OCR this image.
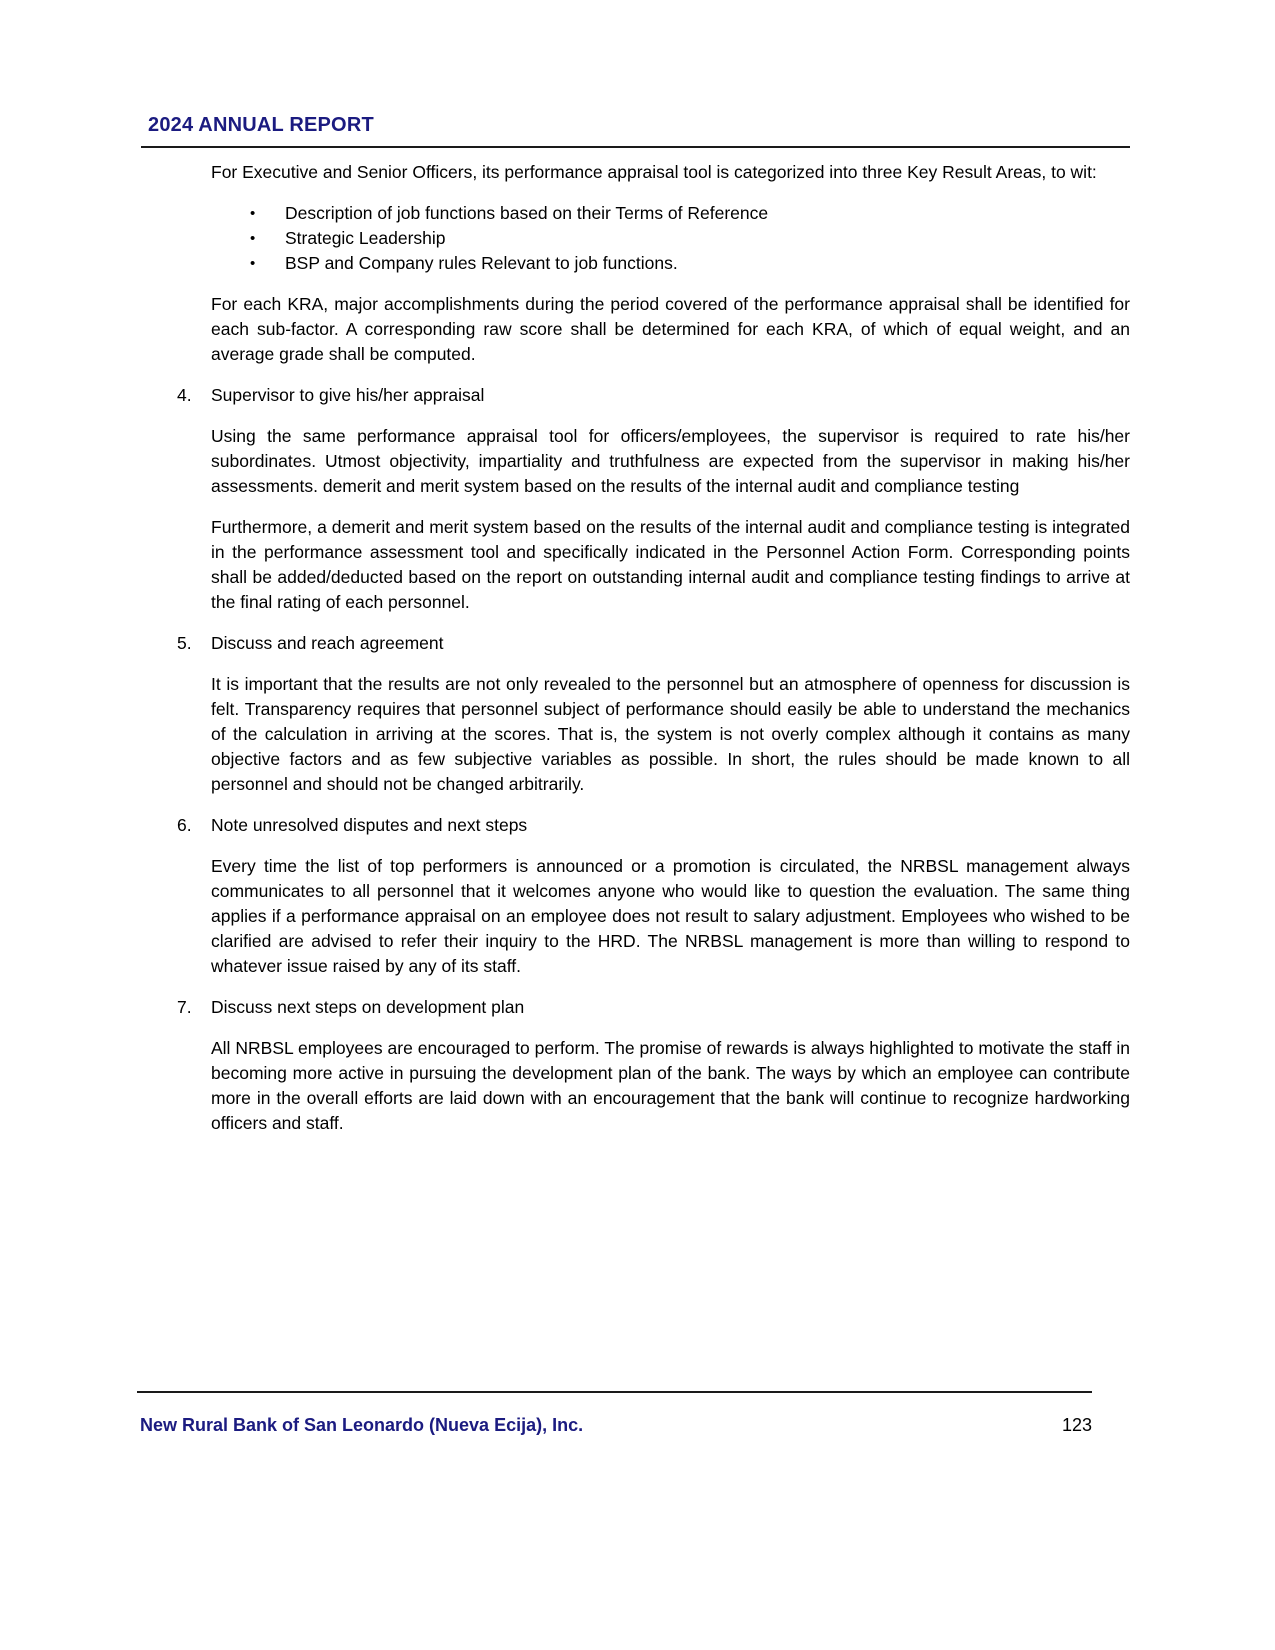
2024 ANNUAL REPORT

For Executive and Senior Officers, its performance appraisal tool is categorized into three Key Result Areas, to wit:

• Description of job functions based on their Terms of Reference
• Strategic Leadership
• BSP and Company rules Relevant to job functions.

For each KRA, major accomplishments during the period covered of the performance appraisal shall be identified for each sub-factor. A corresponding raw score shall be determined for each KRA, of which of equal weight, and an average grade shall be computed.

4. Supervisor to give his/her appraisal

Using the same performance appraisal tool for officers/employees, the supervisor is required to rate his/her subordinates. Utmost objectivity, impartiality and truthfulness are expected from the supervisor in making his/her assessments. demerit and merit system based on the results of the internal audit and compliance testing

Furthermore, a demerit and merit system based on the results of the internal audit and compliance testing is integrated in the performance assessment tool and specifically indicated in the Personnel Action Form. Corresponding points shall be added/deducted based on the report on outstanding internal audit and compliance testing findings to arrive at the final rating of each personnel.

5. Discuss and reach agreement

It is important that the results are not only revealed to the personnel but an atmosphere of openness for discussion is felt. Transparency requires that personnel subject of performance should easily be able to understand the mechanics of the calculation in arriving at the scores. That is, the system is not overly complex although it contains as many objective factors and as few subjective variables as possible. In short, the rules should be made known to all personnel and should not be changed arbitrarily.

6. Note unresolved disputes and next steps

Every time the list of top performers is announced or a promotion is circulated, the NRBSL management always communicates to all personnel that it welcomes anyone who would like to question the evaluation. The same thing applies if a performance appraisal on an employee does not result to salary adjustment. Employees who wished to be clarified are advised to refer their inquiry to the HRD. The NRBSL management is more than willing to respond to whatever issue raised by any of its staff.

7. Discuss next steps on development plan

All NRBSL employees are encouraged to perform. The promise of rewards is always highlighted to motivate the staff in becoming more active in pursuing the development plan of the bank. The ways by which an employee can contribute more in the overall efforts are laid down with an encouragement that the bank will continue to recognize hardworking officers and staff.

New Rural Bank of San Leonardo (Nueva Ecija), Inc.	123
